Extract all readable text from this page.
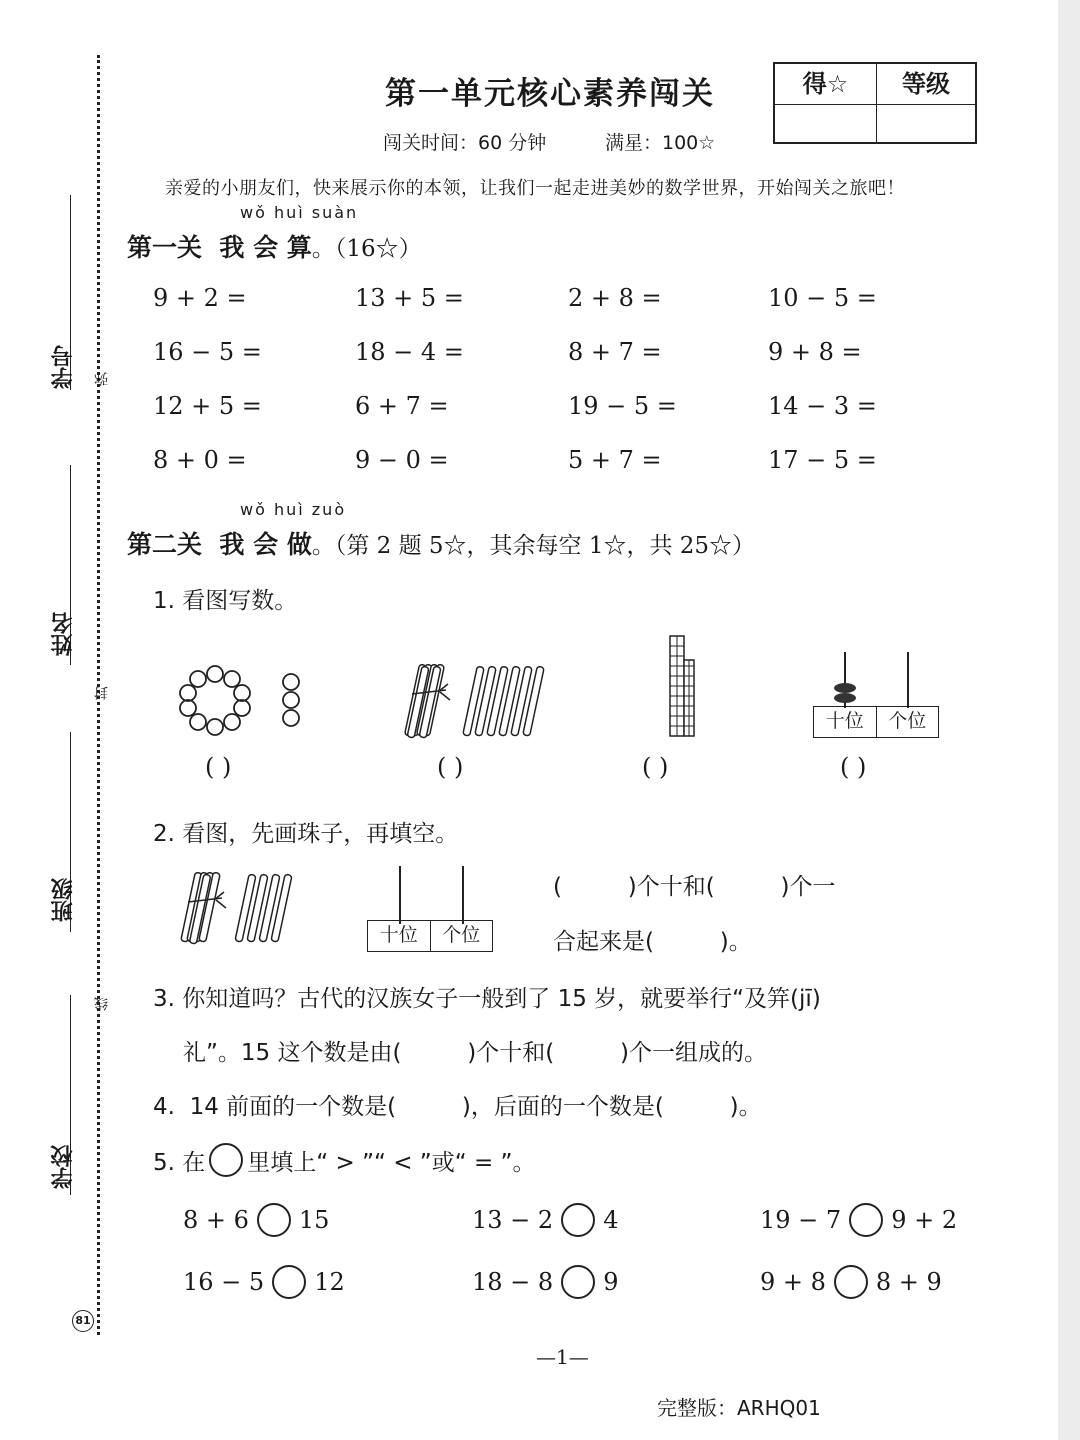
学号
姓名
班级
学校
弥
封
线
81
第一单元核心素养闯关	得☆	等级
闯关时间：60 分钟	满星：100☆
亲爱的小朋友们，快来展示你的本领，让我们一起走进美妙的数学世界，开始闯关之旅吧！
wǒ huì suàn
第一关  我 会 算。（16☆）
9 + 2 =	13 + 5 =	2 + 8 =	10 − 5 =
16 − 5 =	18 − 4 =	8 + 7 =	9 + 8 =
12 + 5 =	6 + 7 =	19 − 5 =	14 − 3 =
8 + 0 =	9 − 0 =	5 + 7 =	17 − 5 =
wǒ huì zuò
第二关  我 会 做。（第 2 题 5☆，其余每空 1☆，共 25☆）
1. 看图写数。
十位	个位
( )	( )	( )	( )
2. 看图，先画珠子，再填空。
十位	个位
(         )个十和(         )个一
合起来是(         )。
3. 你知道吗？古代的汉族女子一般到了 15 岁，就要举行“及笄(jī)
礼”。15 这个数是由(         )个十和(         )个一组成的。
4.  14 前面的一个数是(         )，后面的一个数是(         )。
5. 在 里填上“ > ”“ < ”或“ = ”。
8 + 6 15	13 − 2 4	19 − 7 9 + 2
16 − 5 12	18 − 8 9	9 + 8 8 + 9
—1—
完整版：ARHQ01
